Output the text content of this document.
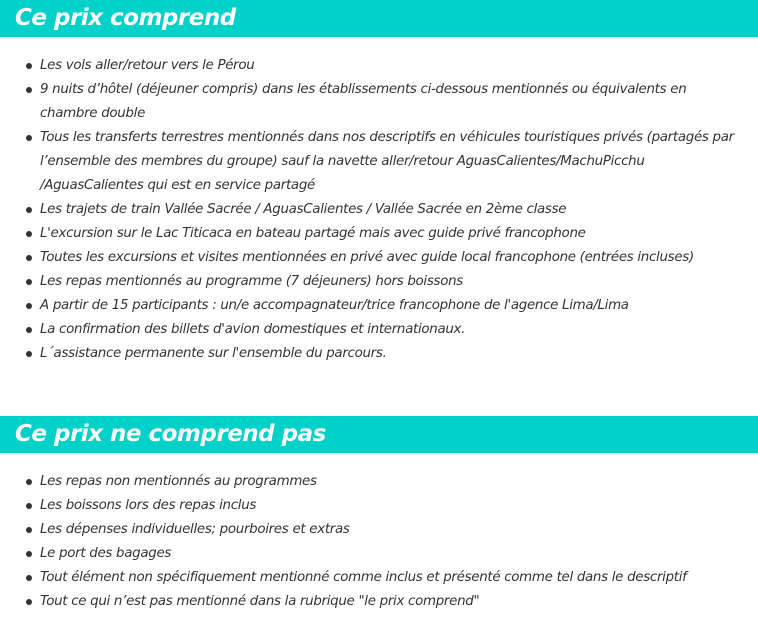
Ce prix comprend
Les vols aller/retour vers le Pérou
9 nuits d’hôtel (déjeuner compris) dans les établissements ci-dessous mentionnés ou équivalents en chambre double
Tous les transferts terrestres mentionnés dans nos descriptifs en véhicules touristiques privés (partagés par l’ensemble des membres du groupe) sauf la navette aller/retour AguasCalientes/MachuPicchu /AguasCalientes qui est en service partagé
Les trajets de train Vallée Sacrée / AguasCalientes / Vallée Sacrée en 2ème classe
L'excursion sur le Lac Titicaca en bateau partagé mais avec guide privé francophone
Toutes les excursions et visites mentionnées en privé avec guide local francophone (entrées incluses)
Les repas mentionnés au programme (7 déjeuners) hors boissons
A partir de 15 participants : un/e accompagnateur/trice francophone de l'agence Lima/Lima
La confirmation des billets d'avion domestiques et internationaux.
L´assistance permanente sur l'ensemble du parcours.
Ce prix ne comprend pas
Les repas non mentionnés au programmes
Les boissons lors des repas inclus
Les dépenses individuelles; pourboires et extras
Le port des bagages
Tout élément non spécifiquement mentionné comme inclus et présenté comme tel dans le descriptif
Tout ce qui n’est pas mentionné dans la rubrique "le prix comprend"
